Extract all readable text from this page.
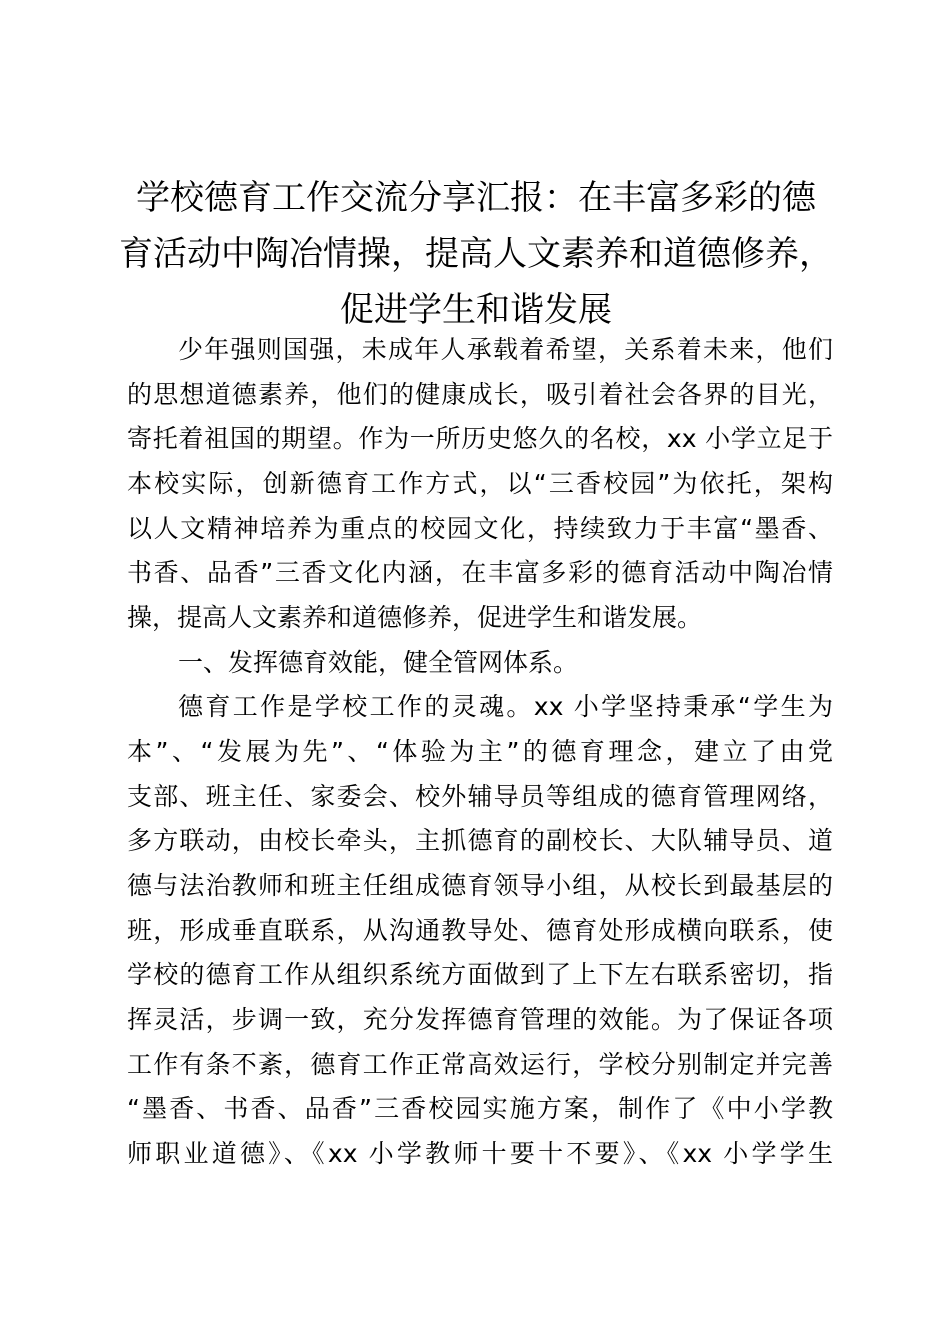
学校德育工作交流分享汇报：在丰富多彩的德
育活动中陶冶情操，提高人文素养和道德修养，
促进学生和谐发展

少年强则国强，未成年人承载着希望，关系着未来，他们

的思想道德素养，他们的健康成长，吸引着社会各界的目光，

寄托着祖国的期望。作为一所历史悠久的名校，xx 小学立足于

本校实际，创新德育工作方式，以“三香校园”为依托，架构

以人文精神培养为重点的校园文化，持续致力于丰富“墨香、

书香、品香”三香文化内涵，在丰富多彩的德育活动中陶冶情

操，提高人文素养和道德修养，促进学生和谐发展。

一、发挥德育效能，健全管网体系。

德育工作是学校工作的灵魂。xx 小学坚持秉承“学生为

本”、“发展为先”、“体验为主”的德育理念，建立了由党

支部、班主任、家委会、校外辅导员等组成的德育管理网络，

多方联动，由校长牵头，主抓德育的副校长、大队辅导员、道

德与法治教师和班主任组成德育领导小组，从校长到最基层的

班，形成垂直联系，从沟通教导处、德育处形成横向联系，使

学校的德育工作从组织系统方面做到了上下左右联系密切，指

挥灵活，步调一致，充分发挥德育管理的效能。为了保证各项

工作有条不紊，德育工作正常高效运行，学校分别制定并完善

“墨香、书香、品香”三香校园实施方案，制作了《中小学教

师职业道德》、《xx 小学教师十要十不要》、《xx 小学学生
